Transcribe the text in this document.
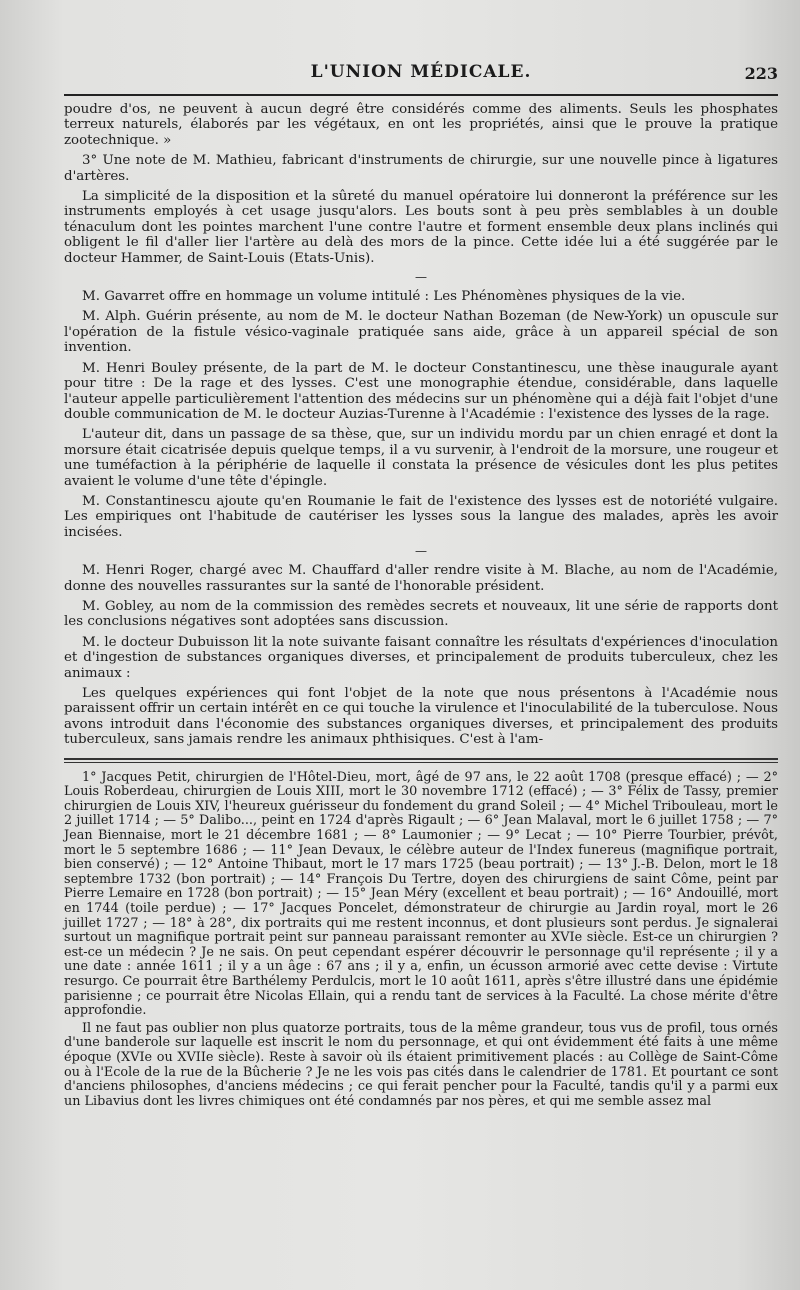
L'UNION MÉDICALE.	223

poudre d'os, ne peuvent à aucun degré être considérés comme des aliments. Seuls les phosphates terreux naturels, élaborés par les végétaux, en ont les propriétés, ainsi que le prouve la pratique zootechnique. »

3° Une note de M. Mathieu, fabricant d'instruments de chirurgie, sur une nouvelle pince à ligatures d'artères.

La simplicité de la disposition et la sûreté du manuel opératoire lui donneront la préférence sur les instruments employés à cet usage jusqu'alors. Les bouts sont à peu près semblables à un double ténaculum dont les pointes marchent l'une contre l'autre et forment ensemble deux plans inclinés qui obligent le fil d'aller lier l'artère au delà des mors de la pince. Cette idée lui a été suggérée par le docteur Hammer, de Saint-Louis (Etats-Unis).

—

M. Gavarret offre en hommage un volume intitulé : Les Phénomènes physiques de la vie.

M. Alph. Guérin présente, au nom de M. le docteur Nathan Bozeman (de New-York) un opuscule sur l'opération de la fistule vésico-vaginale pratiquée sans aide, grâce à un appareil spécial de son invention.

M. Henri Bouley présente, de la part de M. le docteur Constantinescu, une thèse inaugurale ayant pour titre : De la rage et des lysses. C'est une monographie étendue, considérable, dans laquelle l'auteur appelle particulièrement l'attention des médecins sur un phénomène qui a déjà fait l'objet d'une double communication de M. le docteur Auzias-Turenne à l'Académie : l'existence des lysses de la rage.

L'auteur dit, dans un passage de sa thèse, que, sur un individu mordu par un chien enragé et dont la morsure était cicatrisée depuis quelque temps, il a vu survenir, à l'endroit de la morsure, une rougeur et une tuméfaction à la périphérie de laquelle il constata la présence de vésicules dont les plus petites avaient le volume d'une tête d'épingle.

M. Constantinescu ajoute qu'en Roumanie le fait de l'existence des lysses est de notoriété vulgaire. Les empiriques ont l'habitude de cautériser les lysses sous la langue des malades, après les avoir incisées.

—

M. Henri Roger, chargé avec M. Chauffard d'aller rendre visite à M. Blache, au nom de l'Académie, donne des nouvelles rassurantes sur la santé de l'honorable président.

M. Gobley, au nom de la commission des remèdes secrets et nouveaux, lit une série de rapports dont les conclusions négatives sont adoptées sans discussion.

M. le docteur Dubuisson lit la note suivante faisant connaître les résultats d'expériences d'inoculation et d'ingestion de substances organiques diverses, et principalement de produits tuberculeux, chez les animaux :

Les quelques expériences qui font l'objet de la note que nous présentons à l'Académie nous paraissent offrir un certain intérêt en ce qui touche la virulence et l'inoculabilité de la tuberculose. Nous avons introduit dans l'économie des substances organiques diverses, et principalement des produits tuberculeux, sans jamais rendre les animaux phthisiques. C'est à l'am-

1° Jacques Petit, chirurgien de l'Hôtel-Dieu, mort, âgé de 97 ans, le 22 août 1708 (presque effacé) ; — 2° Louis Roberdeau, chirurgien de Louis XIII, mort le 30 novembre 1712 (effacé) ; — 3° Félix de Tassy, premier chirurgien de Louis XIV, l'heureux guérisseur du fondement du grand Soleil ; — 4° Michel Tribouleau, mort le 2 juillet 1714 ; — 5° Dalibo..., peint en 1724 d'après Rigault ; — 6° Jean Malaval, mort le 6 juillet 1758 ; — 7° Jean Biennaise, mort le 21 décembre 1681 ; — 8° Laumonier ; — 9° Lecat ; — 10° Pierre Tourbier, prévôt, mort le 5 septembre 1686 ; — 11° Jean Devaux, le célèbre auteur de l'Index funereus (magnifique portrait, bien conservé) ; — 12° Antoine Thibaut, mort le 17 mars 1725 (beau portrait) ; — 13° J.-B. Delon, mort le 18 septembre 1732 (bon portrait) ; — 14° François Du Tertre, doyen des chirurgiens de saint Côme, peint par Pierre Lemaire en 1728 (bon portrait) ; — 15° Jean Méry (excellent et beau portrait) ; — 16° Andouillé, mort en 1744 (toile perdue) ; — 17° Jacques Poncelet, démonstrateur de chirurgie au Jardin royal, mort le 26 juillet 1727 ; — 18° à 28°, dix portraits qui me restent inconnus, et dont plusieurs sont perdus. Je signalerai surtout un magnifique portrait peint sur panneau paraissant remonter au XVIe siècle. Est-ce un chirurgien ? est-ce un médecin ? Je ne sais. On peut cependant espérer découvrir le personnage qu'il représente ; il y a une date : année 1611 ; il y a un âge : 67 ans ; il y a, enfin, un écusson armorié avec cette devise : Virtute resurgo. Ce pourrait être Barthélemy Perdulcis, mort le 10 août 1611, après s'être illustré dans une épidémie parisienne ; ce pourrait être Nicolas Ellain, qui a rendu tant de services à la Faculté. La chose mérite d'être approfondie.

Il ne faut pas oublier non plus quatorze portraits, tous de la même grandeur, tous vus de profil, tous ornés d'une banderole sur laquelle est inscrit le nom du personnage, et qui ont évidemment été faits à une même époque (XVIe ou XVIIe siècle). Reste à savoir où ils étaient primitivement placés : au Collège de Saint-Côme ou à l'Ecole de la rue de la Bûcherie ? Je ne les vois pas cités dans le calendrier de 1781. Et pourtant ce sont d'anciens philosophes, d'anciens médecins ; ce qui ferait pencher pour la Faculté, tandis qu'il y a parmi eux un Libavius dont les livres chimiques ont été condamnés par nos pères, et qui me semble assez mal
